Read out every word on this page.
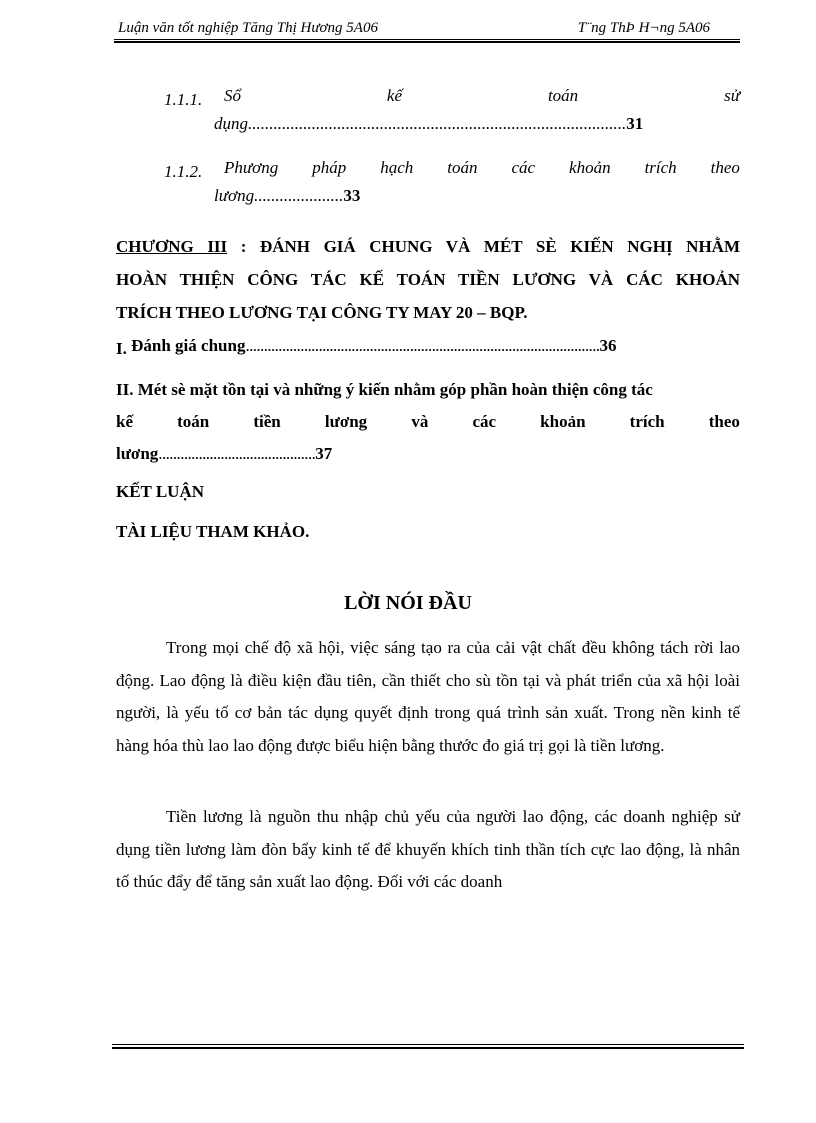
Luận văn tốt nghiệp Tăng Thị Hương 5A06	T¨ng ThÞ H¬ng 5A06
1.1.1. Sổ	kế	toán	sử
dụng.........................................................................................31
1.1.2. Phương pháp hạch toán các khoản trích theo
lương.....................33
CHƯƠNG III : ĐÁNH GIÁ CHUNG VÀ MÉT SÈ KIẾN NGHỊ NHẰM
HOÀN THIỆN CÔNG TÁC KẾ TOÁN TIỀN LƯƠNG VÀ CÁC KHOẢN
TRÍCH THEO LƯƠNG TẠI CÔNG TY MAY 20 – BQP.
I. Đánh giá chung.................................................................................................36
II. Mét sè mặt tồn tại và những ý kiến nhằm góp phần hoàn thiện công tác
kế	toán	tiền	lương	và	các	khoản	trích	theo
lương...........................................37
KẾT LUẬN
TÀI LIỆU THAM KHẢO.
LỜI NÓI ĐẦU
Trong mọi chế độ xã hội, việc sáng tạo ra của cải vật chất đều không tách rời lao động. Lao động là điều kiện đầu tiên, cần thiết cho sù tồn tại và phát triển của xã hội loài người, là yếu tố cơ bản tác dụng quyết định trong quá trình sản xuất. Trong nền kinh tế hàng hóa thù lao lao động được biểu hiện bằng thước đo giá trị gọi là tiền lương.
Tiền lương là nguồn thu nhập chủ yếu của người lao động, các doanh nghiệp sử dụng tiền lương làm đòn bẩy kinh tế để khuyến khích tinh thần tích cực lao động, là nhân tố thúc đẩy để tăng sản xuất lao động. Đối với các doanh
